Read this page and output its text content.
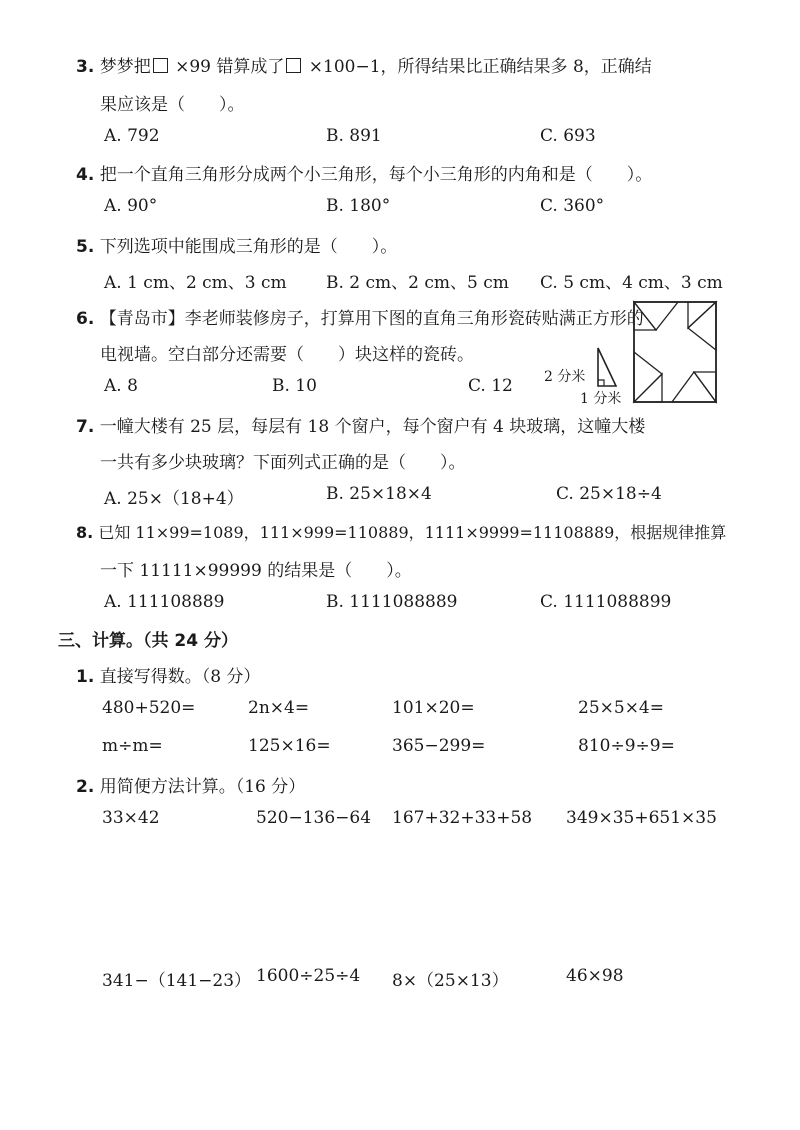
3. 梦梦把 ×99 错算成了 ×100−1，所得结果比正确结果多 8，正确结
果应该是（　　）。
A. 792	B. 891	C. 693
4. 把一个直角三角形分成两个小三角形，每个小三角形的内角和是（　　）。
A. 90°	B. 180°	C. 360°
5. 下列选项中能围成三角形的是（　　）。
A. 1 cm、2 cm、3 cm B. 2 cm、2 cm、5 cm C. 5 cm、4 cm、3 cm
6. 【青岛市】李老师装修房子，打算用下图的直角三角形瓷砖贴满正方形的
电视墙。空白部分还需要（　　）块这样的瓷砖。
A. 8	B. 10	C. 12 2 分米
1 分米
7. 一幢大楼有 25 层，每层有 18 个窗户，每个窗户有 4 块玻璃，这幢大楼
一共有多少块玻璃？下面列式正确的是（　　）。
A. 25×（18+4）	B. 25×18×4	C. 25×18÷4
8. 已知 11×99=1089，111×999=110889，1111×9999=11108889，根据规律推算
一下 11111×99999 的结果是（　　）。
A. 111108889	B. 1111088889	C. 1111088899
三、计算。（共 24 分）
1. 直接写得数。（8 分）
480+520=	2n×4=	101×20=	25×5×4=
m÷m=	125×16=	365−299=	810÷9÷9=
2. 用简便方法计算。（16 分）
33×42	520−136−64 167+32+33+58 349×35+651×35
341−（141−23） 1600÷25÷4 8×（25×13）	46×98
